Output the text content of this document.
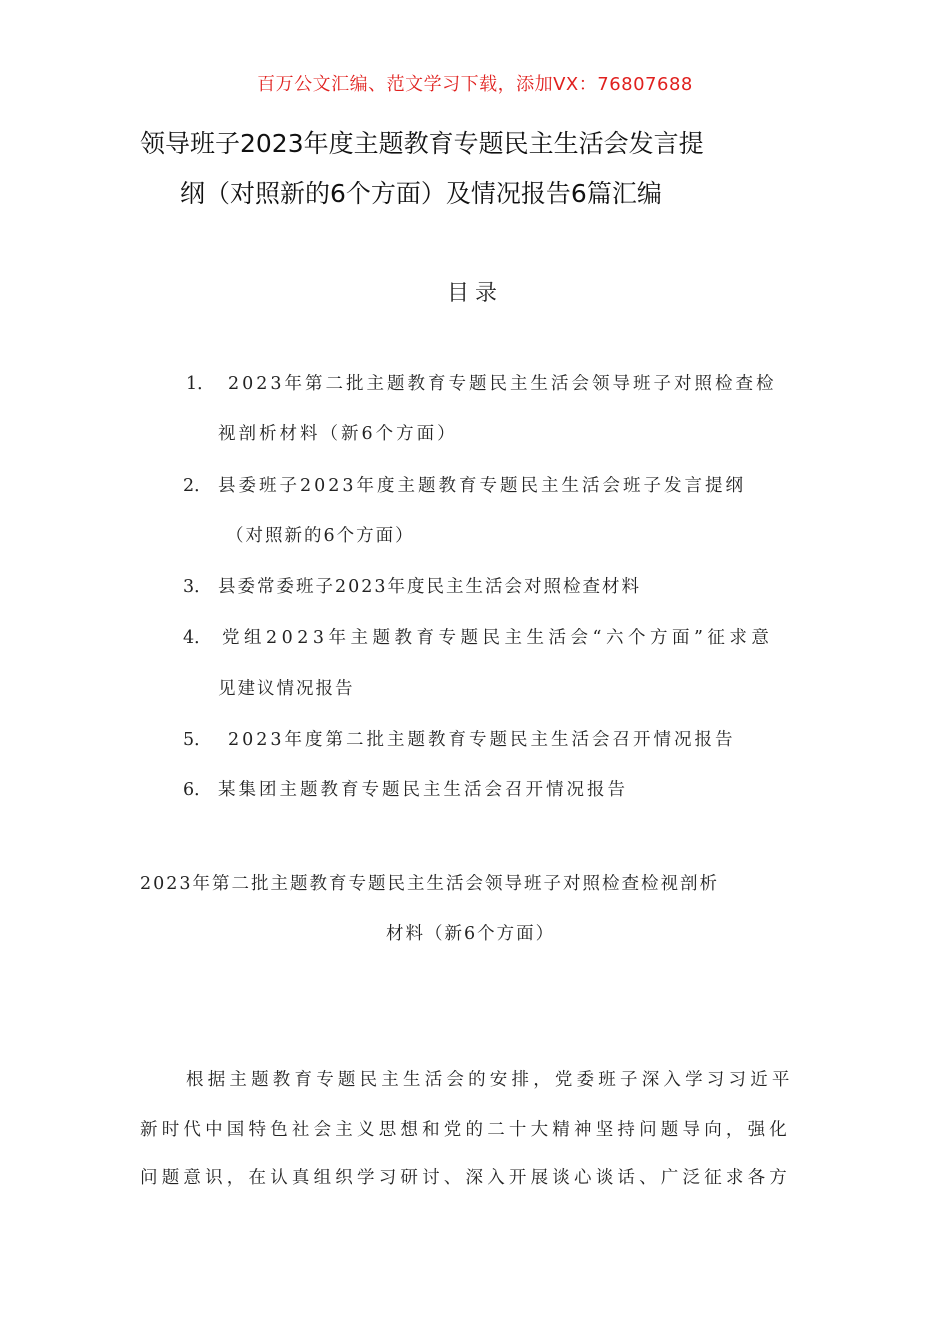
百万公文汇编、范文学习下载，添加VX：76807688
领导班子2023年度主题教育专题民主生活会发言提
纲（对照新的6个方面）及情况报告6篇汇编
目录
1． 2023年第二批主题教育专题民主生活会领导班子对照检查检
视剖析材料（新6个方面）
2． 县委班子2023年度主题教育专题民主生活会班子发言提纲
（对照新的6个方面）
3． 县委常委班子2023年度民主生活会对照检查材料
4． 党组2023年主题教育专题民主生活会“六个方面”征求意
见建议情况报告
5． 2023年度第二批主题教育专题民主生活会召开情况报告
6． 某集团主题教育专题民主生活会召开情况报告
2023年第二批主题教育专题民主生活会领导班子对照检查检视剖析
材料（新6个方面）
根据主题教育专题民主生活会的安排，党委班子深入学习习近平
新时代中国特色社会主义思想和党的二十大精神坚持问题导向，强化
问题意识，在认真组织学习研讨、深入开展谈心谈话、广泛征求各方
